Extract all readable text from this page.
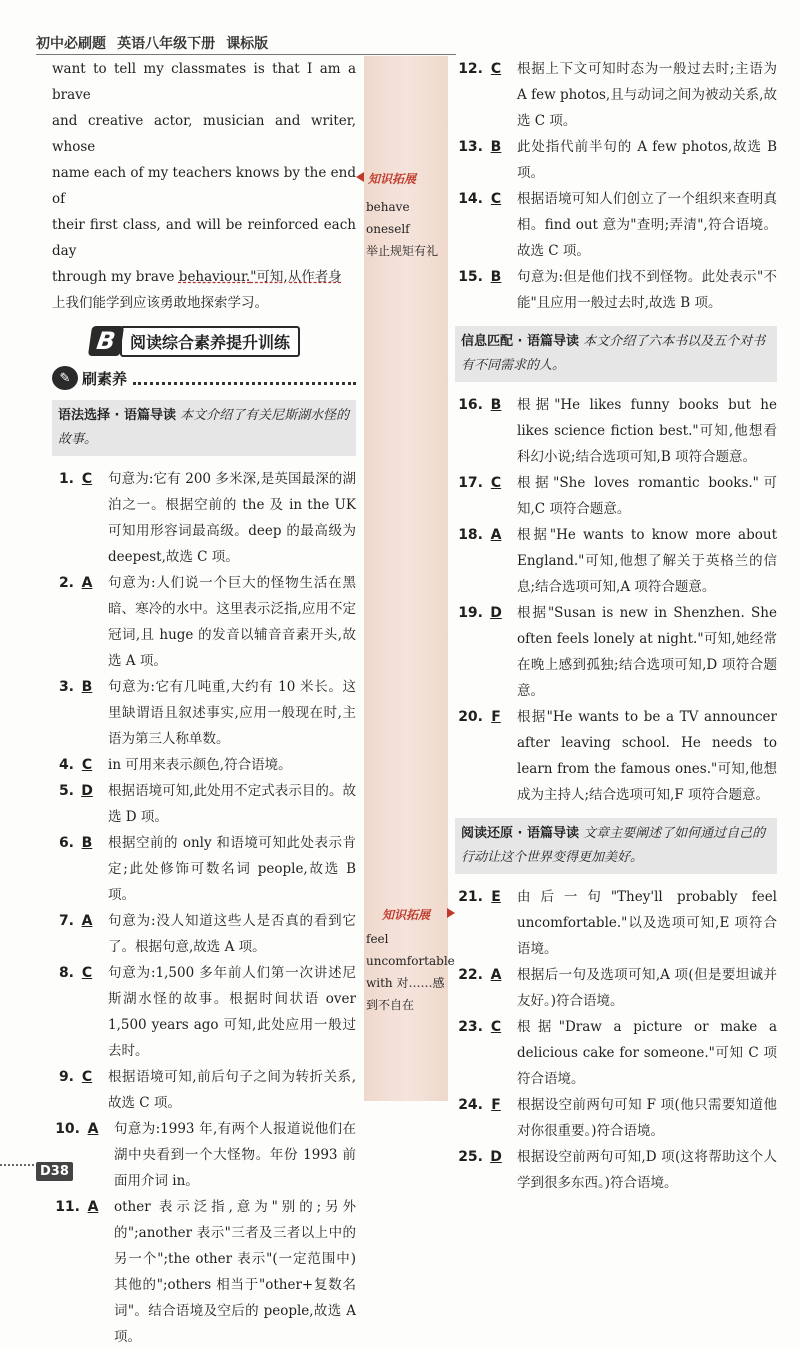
初中必刷题 英语八年级下册 课标版
知识拓展
behave oneself
举止规矩有礼
知识拓展
feel
uncomfortable
with 对……感
到不自在
want to tell my classmates is that I am a brave
and creative actor, musician and writer, whose
name each of my teachers knows by the end of
their first class, and will be reinforced each day
through my brave behaviour."可知,从作者身
上我们能学到应该勇敢地探索学习。
B 阅读综合素养提升训练
✎ 刷素养
语法选择 · 语篇导读 本文介绍了有关尼斯湖水怪的故事。
1. C	句意为:它有 200 多米深,是英国最深的湖泊之一。根据空前的 the 及 in the UK 可知用形容词最高级。deep 的最高级为 deepest,故选 C 项。
2. A	句意为:人们说一个巨大的怪物生活在黑暗、寒冷的水中。这里表示泛指,应用不定冠词,且 huge 的发音以辅音音素开头,故选 A 项。
3. B	句意为:它有几吨重,大约有 10 米长。这里缺谓语且叙述事实,应用一般现在时,主语为第三人称单数。
4. C	in 可用来表示颜色,符合语境。
5. D	根据语境可知,此处用不定式表示目的。故选 D 项。
6. B	根据空前的 only 和语境可知此处表示肯定;此处修饰可数名词 people,故选 B 项。
7. A	句意为:没人知道这些人是否真的看到它了。根据句意,故选 A 项。
8. C	句意为:1,500 多年前人们第一次讲述尼斯湖水怪的故事。根据时间状语 over 1,500 years ago 可知,此处应用一般过去时。
9. C	根据语境可知,前后句子之间为转折关系,故选 C 项。
10. A	句意为:1993 年,有两个人报道说他们在湖中央看到一个大怪物。年份 1993 前面用介词 in。
11. A	other 表示泛指,意为"别的;另外的";another 表示"三者及三者以上中的另一个";the other 表示"(一定范围中)其他的";others 相当于"other+复数名词"。结合语境及空后的 people,故选 A 项。
12. C	根据上下文可知时态为一般过去时;主语为 A few photos,且与动词之间为被动关系,故选 C 项。
13. B	此处指代前半句的 A few photos,故选 B 项。
14. C	根据语境可知人们创立了一个组织来查明真相。find out 意为"查明;弄清",符合语境。故选 C 项。
15. B	句意为:但是他们找不到怪物。此处表示"不能"且应用一般过去时,故选 B 项。
信息匹配 · 语篇导读 本文介绍了六本书以及五个对书有不同需求的人。
16. B	根据"He likes funny books but he likes science fiction best."可知,他想看科幻小说;结合选项可知,B 项符合题意。
17. C	根据"She loves romantic books."可知,C 项符合题意。
18. A	根据"He wants to know more about England."可知,他想了解关于英格兰的信息;结合选项可知,A 项符合题意。
19. D	根据"Susan is new in Shenzhen. She often feels lonely at night."可知,她经常在晚上感到孤独;结合选项可知,D 项符合题意。
20. F	根据"He wants to be a TV announcer after leaving school. He needs to learn from the famous ones."可知,他想成为主持人;结合选项可知,F 项符合题意。
阅读还原 · 语篇导读 文章主要阐述了如何通过自己的行动让这个世界变得更加美好。
21. E	由后一句"They'll probably feel uncomfortable."以及选项可知,E 项符合语境。
22. A	根据后一句及选项可知,A 项(但是要坦诚并友好。)符合语境。
23. C	根据"Draw a picture or make a delicious cake for someone."可知 C 项符合语境。
24. F	根据设空前两句可知 F 项(他只需要知道他对你很重要。)符合语境。
25. D	根据设空前两句可知,D 项(这将帮助这个人学到很多东西。)符合语境。
D38
